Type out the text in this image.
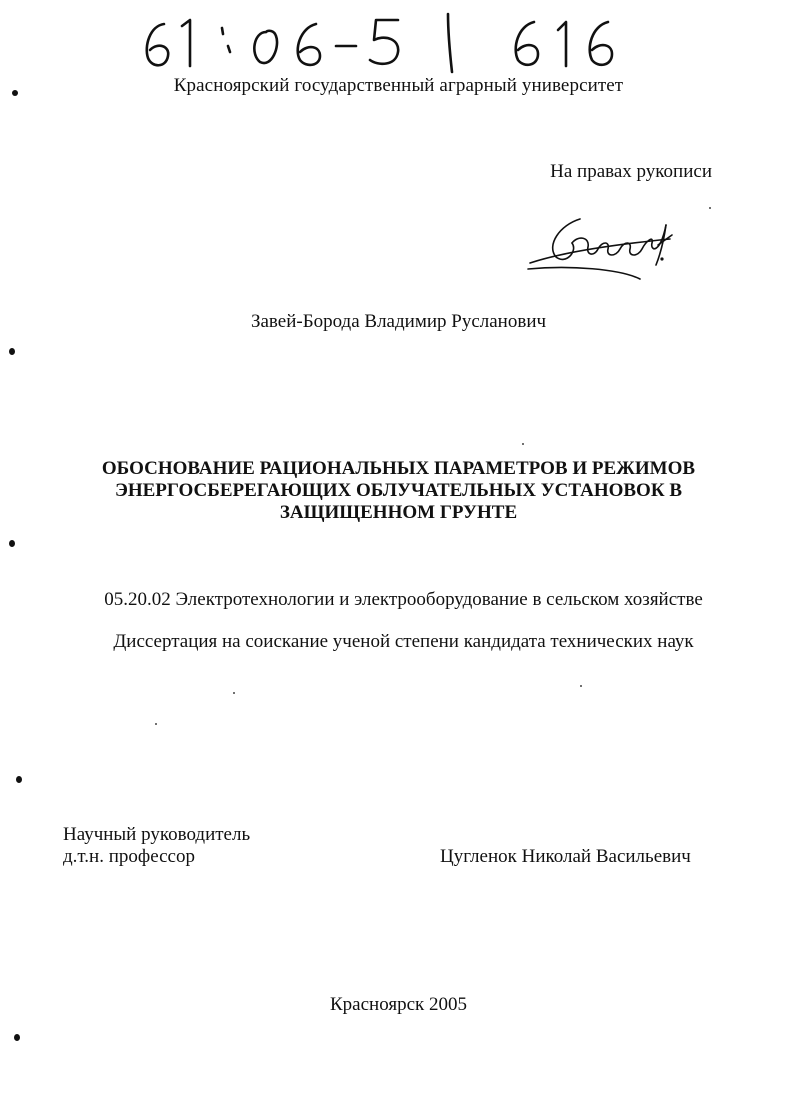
Красноярский государственный аграрный университет
На правах рукописи
Завей-Борода Владимир Русланович
ОБОСНОВАНИЕ РАЦИОНАЛЬНЫХ ПАРАМЕТРОВ И РЕЖИМОВ
ЭНЕРГОСБЕРЕГАЮЩИХ ОБЛУЧАТЕЛЬНЫХ УСТАНОВОК В
ЗАЩИЩЕННОМ ГРУНТЕ
05.20.02 Электротехнологии и электрооборудование в сельском хозяйстве
Диссертация на соискание ученой степени кандидата технических наук
Научный руководитель
д.т.н. профессор	Цугленок Николай Васильевич
Красноярск 2005
